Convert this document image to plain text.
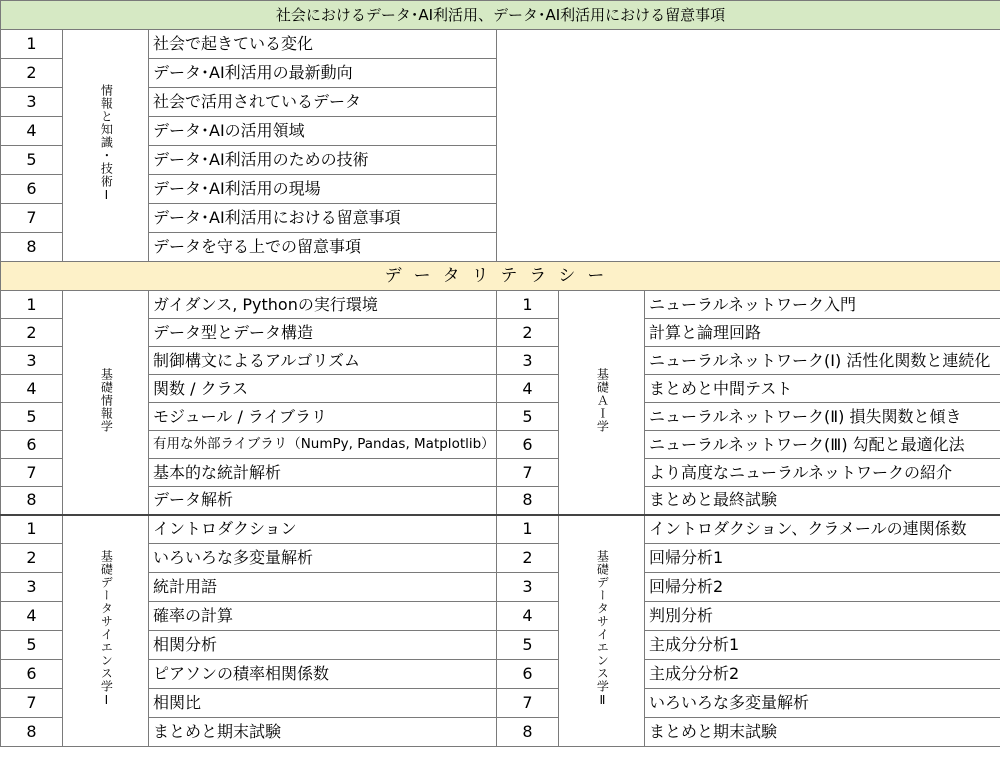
社会におけるデータ･AI利活用、データ･AI利活用における留意事項					
1	情報と知識・技術Ⅰ	社会で起きている変化			
2		データ･AI利活用の最新動向			
3		社会で活用されているデータ			
4		データ･AIの活用領域			
5		データ･AI利活用のための技術			
6		データ･AI利活用の現場			
7		データ･AI利活用における留意事項			
8		データを守る上での留意事項			
データリテラシー					
1	基礎情報学	ガイダンス, Pythonの実行環境	1	基礎ＡＩ学	ニューラルネットワーク入門
2		データ型とデータ構造	2		計算と論理回路
3		制御構文によるアルゴリズム	3		ニューラルネットワーク(Ⅰ) 活性化関数と連続化
4		関数 / クラス	4		まとめと中間テスト
5		モジュール / ライブラリ	5		ニューラルネットワーク(Ⅱ) 損失関数と傾き
6		有用な外部ライブラリ（NumPy, Pandas, Matplotlib）	6		ニューラルネットワーク(Ⅲ) 勾配と最適化法
7		基本的な統計解析	7		より高度なニューラルネットワークの紹介
8		データ解析	8		まとめと最終試験
1	基礎データサイエンス学Ⅰ	イントロダクション	1	基礎データサイエンス学Ⅱ	イントロダクション、クラメールの連関係数
2		いろいろな多変量解析	2		回帰分析1
3		統計用語	3		回帰分析2
4		確率の計算	4		判別分析
5		相関分析	5		主成分分析1
6		ピアソンの積率相関係数	6		主成分分析2
7		相関比	7		いろいろな多変量解析
8		まとめと期末試験	8		まとめと期末試験
